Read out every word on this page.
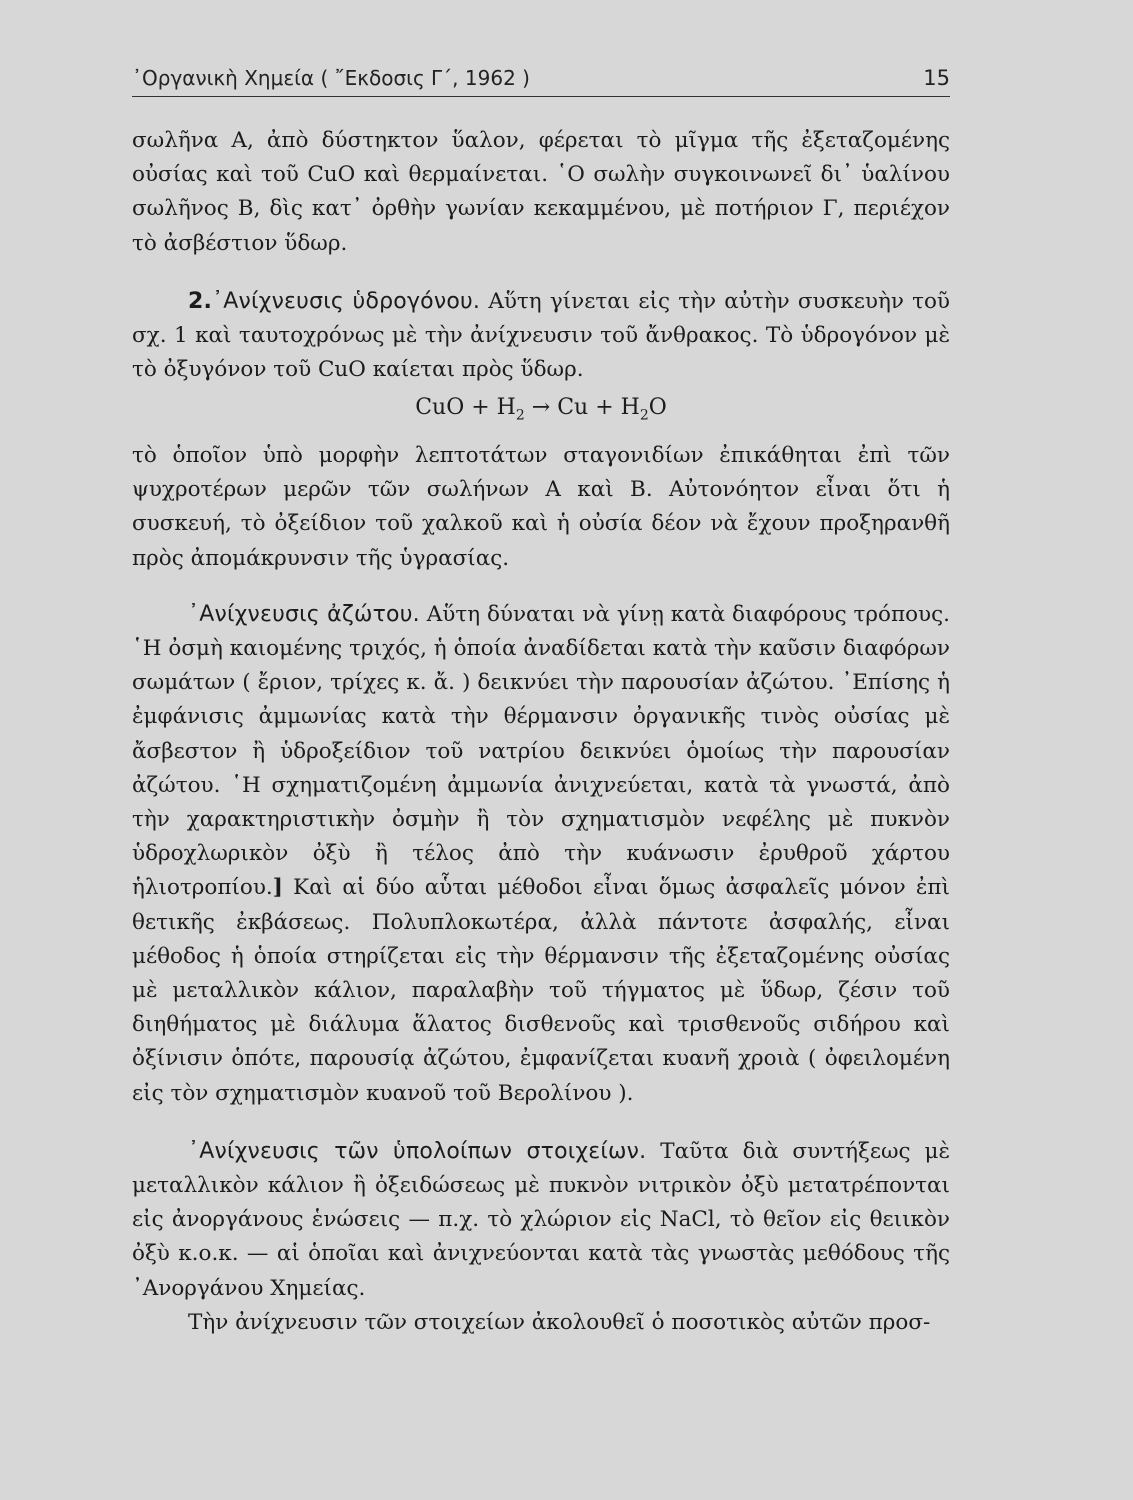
᾿Οργανικὴ Χημεία ( ῎Εκδοσις Γ΄, 1962 )	15

σωλῆνα Α, ἀπὸ δύστηκτον ὕαλον, φέρεται τὸ μῖγμα τῆς ἐξεταζομένης οὐσίας καὶ τοῦ CuO καὶ θερμαίνεται. ῾Ο σωλὴν συγκοινωνεῖ δι᾿ ὑαλίνου σωλῆνος Β, δὶς κατ᾿ ὀρθὴν γωνίαν κεκαμμένου, μὲ ποτήριον Γ, περιέχον τὸ ἀσβέστιον ὕδωρ.

2.᾿Ανίχνευσις ὑδρογόνου. Αὕτη γίνεται εἰς τὴν αὐτὴν συσκευὴν τοῦ σχ. 1 καὶ ταυτοχρόνως μὲ τὴν ἀνίχνευσιν τοῦ ἄνθρακος. Τὸ ὑδρογόνον μὲ τὸ ὀξυγόνον τοῦ CuO καίεται πρὸς ὕδωρ.

CuO + $H_2 \to Cu + H_2O$

τὸ ὁποῖον ὑπὸ μορφὴν λεπτοτάτων σταγονιδίων ἐπικάθηται ἐπὶ τῶν ψυχροτέρων μερῶν τῶν σωλήνων Α καὶ Β. Αὐτονόητον εἶναι ὅτι ἡ συσκευή, τὸ ὀξείδιον τοῦ χαλκοῦ καὶ ἡ οὐσία δέον νὰ ἔχουν προξηρανθῆ πρὸς ἀπομάκρυνσιν τῆς ὑγρασίας.

᾿Ανίχνευσις ἀζώτου. Αὕτη δύναται νὰ γίνῃ κατὰ διαφόρους τρόπους. ῾Η ὀσμὴ καιομένης τριχός, ἡ ὁποία ἀναδίδεται κατὰ τὴν καῦσιν διαφόρων σωμάτων ( ἔριον, τρίχες κ. ἄ. ) δεικνύει τὴν παρουσίαν ἀζώτου. ᾿Επίσης ἡ ἐμφάνισις ἀμμωνίας κατὰ τὴν θέρμανσιν ὀργανικῆς τινὸς οὐσίας μὲ ἄσβεστον ἢ ὑδροξείδιον τοῦ νατρίου δεικνύει ὁμοίως τὴν παρουσίαν ἀζώτου. ῾Η σχηματιζομένη ἀμμωνία ἀνιχνεύεται, κατὰ τὰ γνωστά, ἀπὸ τὴν χαρακτηριστικὴν ὀσμὴν ἢ τὸν σχηματισμὸν νεφέλης μὲ πυκνὸν ὑδροχλωρικὸν ὀξὺ ἢ τέλος ἀπὸ τὴν κυάνωσιν ἐρυθροῦ χάρτου ἡλιοτροπίου.] Καὶ αἱ δύο αὗται μέθοδοι εἶναι ὅμως ἀσφαλεῖς μόνον ἐπὶ θετικῆς ἐκβάσεως. Πολυπλοκωτέρα, ἀλλὰ πάντοτε ἀσφαλής, εἶναι μέθοδος ἡ ὁποία στηρίζεται εἰς τὴν θέρμανσιν τῆς ἐξεταζομένης οὐσίας μὲ μεταλλικὸν κάλιον, παραλαβὴν τοῦ τήγματος μὲ ὕδωρ, ζέσιν τοῦ διηθήματος μὲ διάλυμα ἅλατος δισθενοῦς καὶ τρισθενοῦς σιδήρου καὶ ὀξίνισιν ὁπότε, παρουσίᾳ ἀζώτου, ἐμφανίζεται κυανῆ χροιὰ ( ὀφειλομένη εἰς τὸν σχηματισμὸν κυανοῦ τοῦ Βερολίνου ).

᾿Ανίχνευσις τῶν ὑπολοίπων στοιχείων. Ταῦτα διὰ συντήξεως μὲ μεταλλικὸν κάλιον ἢ ὀξειδώσεως μὲ πυκνὸν νιτρικὸν ὀξὺ μετατρέπονται εἰς ἀνοργάνους ἑνώσεις — π.χ. τὸ χλώριον εἰς NaCl, τὸ θεῖον εἰς θειικὸν ὀξὺ κ.ο.κ. — αἱ ὁποῖαι καὶ ἀνιχνεύονται κατὰ τὰς γνωστὰς μεθόδους τῆς ᾿Ανοργάνου Χημείας.

Τὴν ἀνίχνευσιν τῶν στοιχείων ἀκολουθεῖ ὁ ποσοτικὸς αὐτῶν προσ-
